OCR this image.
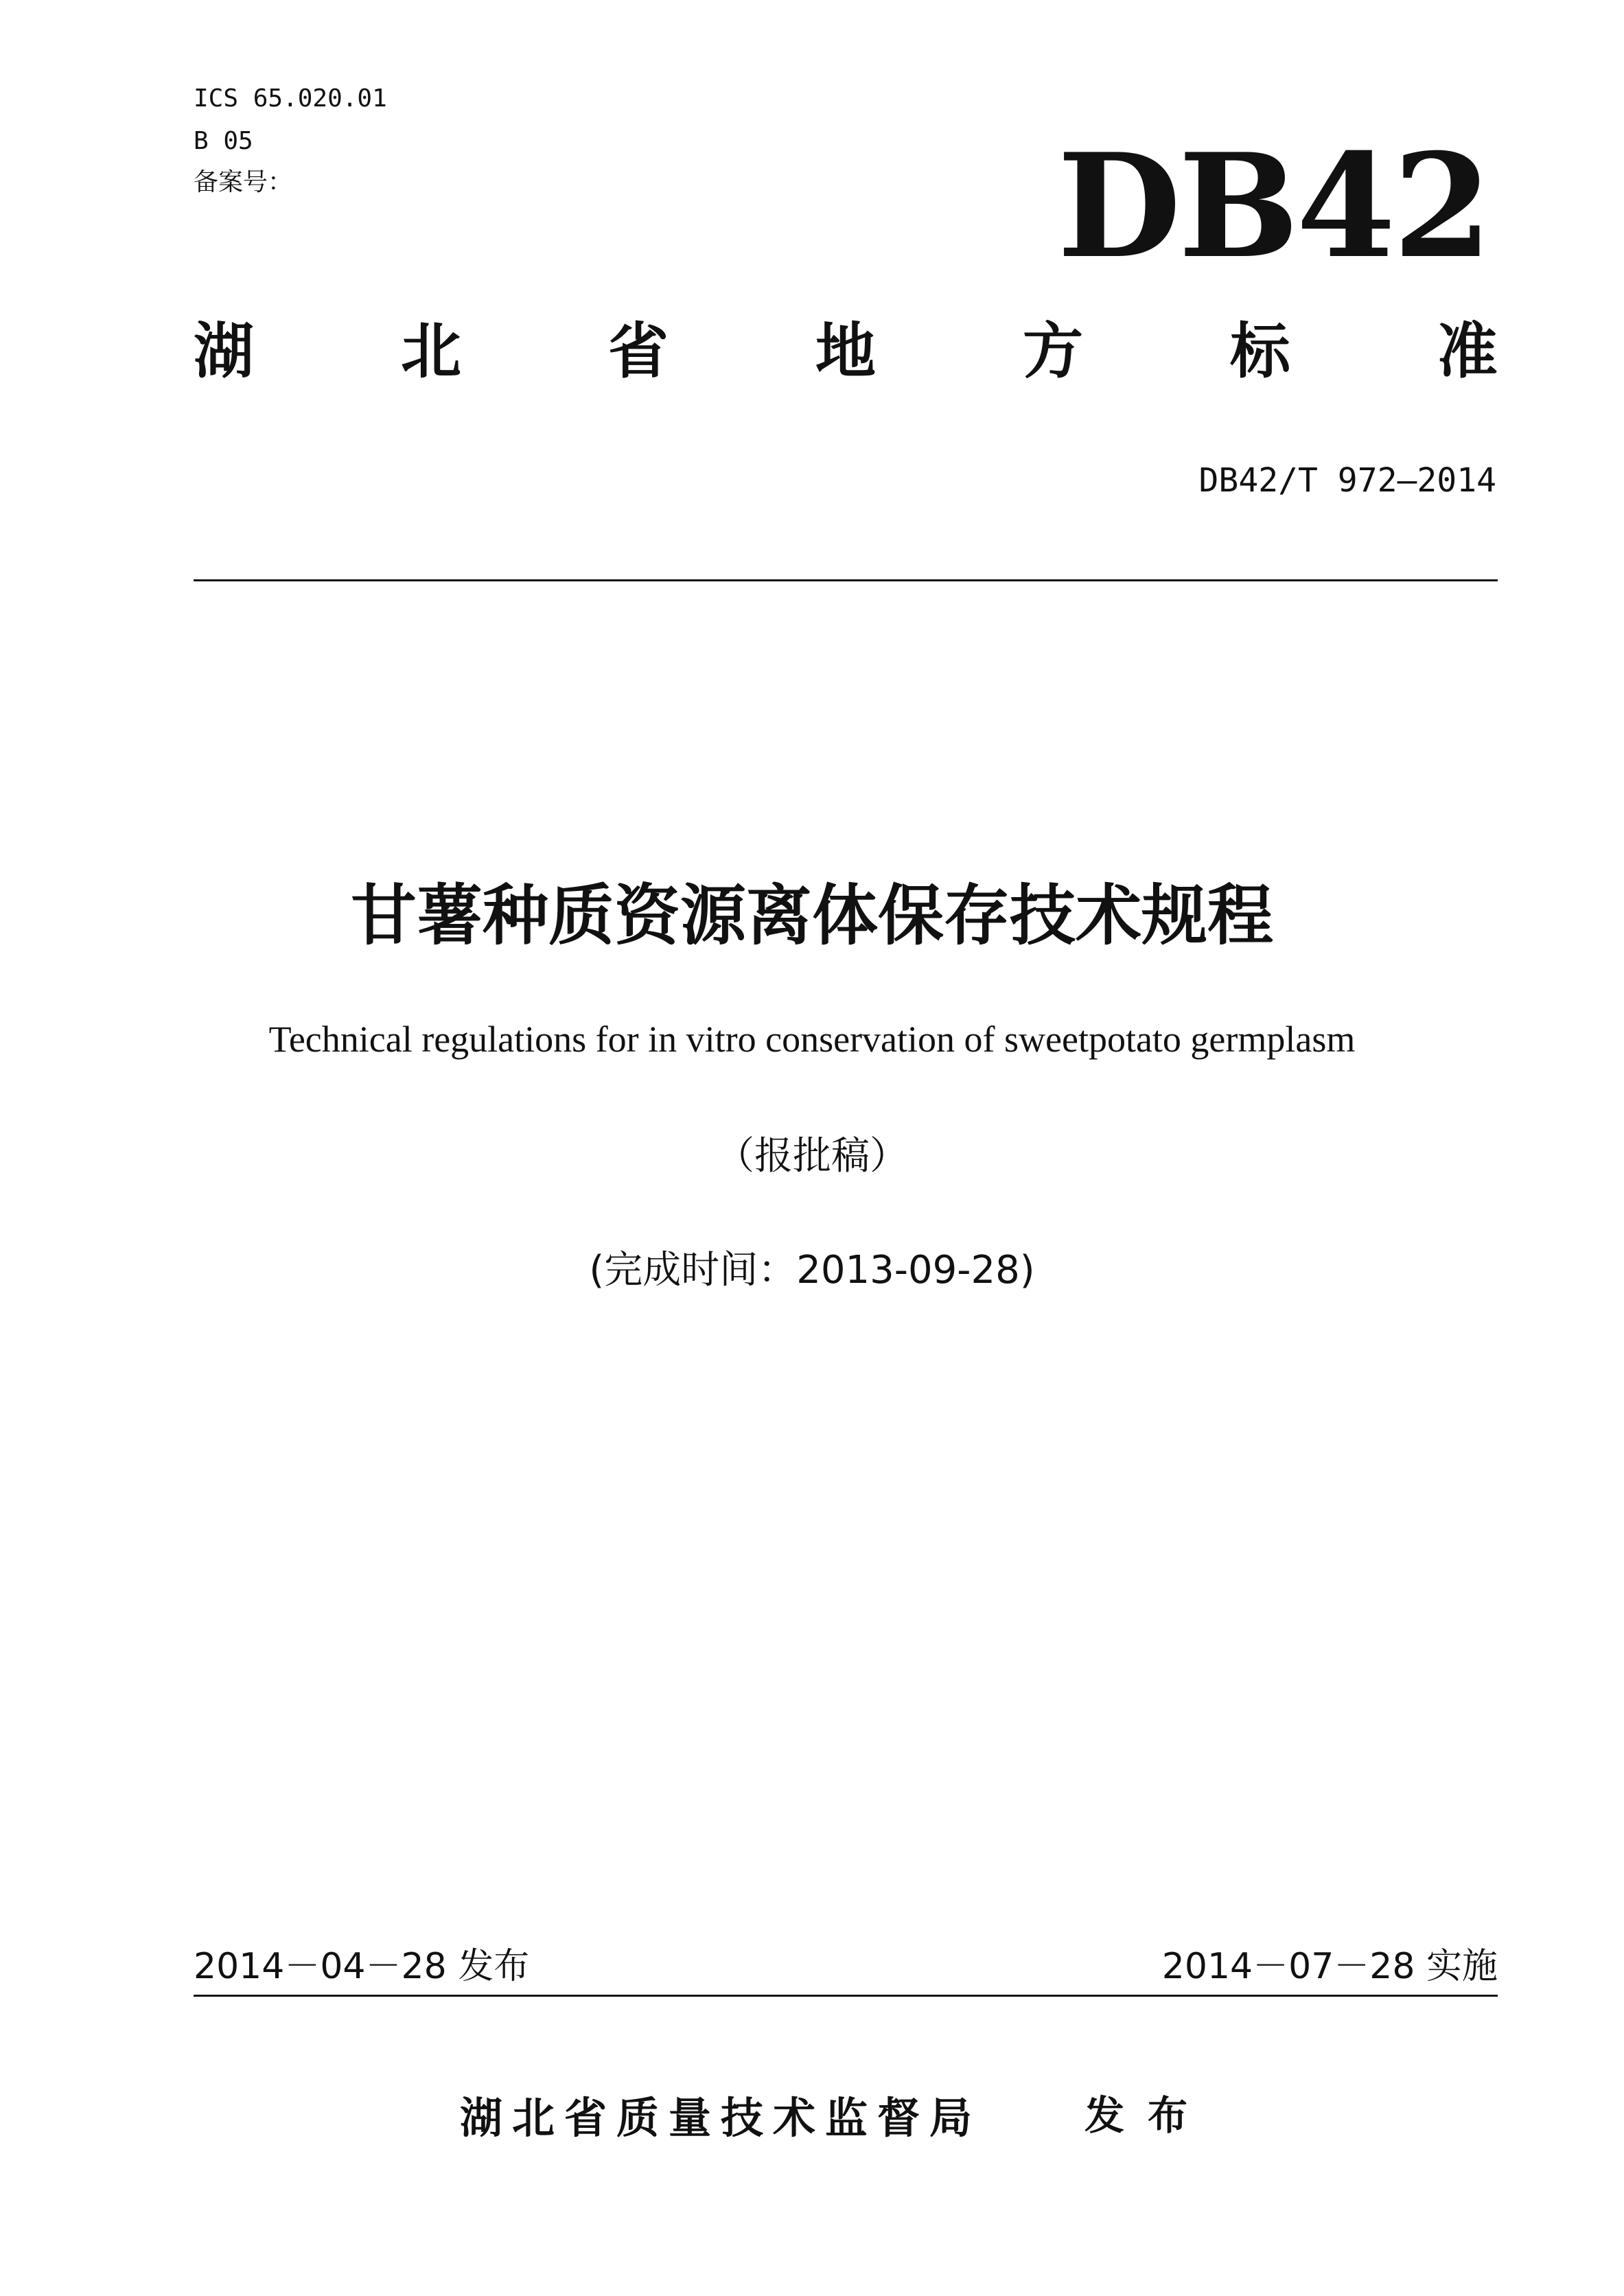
ICS 65.020.01
B 05
备案号：	DB42
湖 北 省 地 方 标 准
DB42/T 972—2014
甘薯种质资源离体保存技术规程
Technical regulations for in vitro conservation of sweetpotato germplasm
（报批稿）
(完成时间：2013-09-28)
2014－04－28 发布	2014－07－28 实施
湖北省质量技术监督局	发布
